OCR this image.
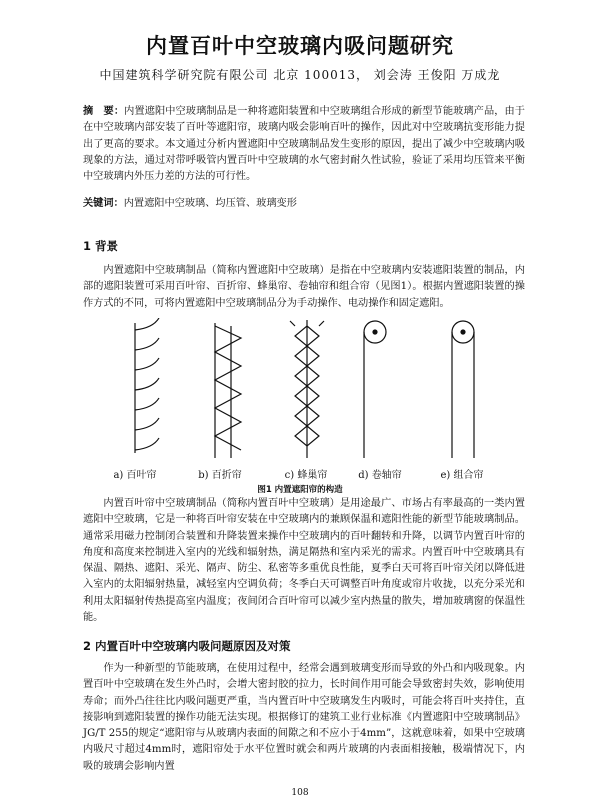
内置百叶中空玻璃内吸问题研究
中国建筑科学研究院有限公司 北京 100013， 刘会涛 王俊阳 万成龙
摘　要：内置遮阳中空玻璃制品是一种将遮阳装置和中空玻璃组合形成的新型节能玻璃产品，由于在中空玻璃内部安装了百叶等遮阳帘，玻璃内吸会影响百叶的操作，因此对中空玻璃抗变形能力提出了更高的要求。本文通过分析内置遮阳中空玻璃制品发生变形的原因，提出了减少中空玻璃内吸现象的方法，通过对带呼吸管内置百叶中空玻璃的水气密封耐久性试验，验证了采用均压管来平衡中空玻璃内外压力差的方法的可行性。
关键词：内置遮阳中空玻璃、均压管、玻璃变形
1 背景
内置遮阳中空玻璃制品（简称内置遮阳中空玻璃）是指在中空玻璃内安装遮阳装置的制品，内部的遮阳装置可采用百叶帘、百折帘、蜂巢帘、卷轴帘和组合帘（见图1）。根据内置遮阳装置的操作方式的不同，可将内置遮阳中空玻璃制品分为手动操作、电动操作和固定遮阳。
a) 百叶帘	b) 百折帘	c) 蜂巢帘	d) 卷轴帘	e) 组合帘
图1 内置遮阳帘的构造
内置百叶帘中空玻璃制品（简称内置百叶中空玻璃）是用途最广、市场占有率最高的一类内置遮阳中空玻璃，它是一种将百叶帘安装在中空玻璃内的兼顾保温和遮阳性能的新型节能玻璃制品。通常采用磁力控制闭合装置和升降装置来操作中空玻璃内的百叶翻转和升降，以调节内置百叶帘的角度和高度来控制进入室内的光线和辐射热，满足隔热和室内采光的需求。内置百叶中空玻璃具有保温、隔热、遮阳、采光、隔声、防尘、私密等多重优良性能，夏季白天可将百叶帘关闭以降低进入室内的太阳辐射热量，减轻室内空调负荷；冬季白天可调整百叶角度或帘片收拢，以充分采光和利用太阳辐射传热提高室内温度；夜间闭合百叶帘可以减少室内热量的散失，增加玻璃窗的保温性能。
2 内置百叶中空玻璃内吸问题原因及对策
作为一种新型的节能玻璃，在使用过程中，经常会遇到玻璃变形而导致的外凸和内吸现象。内置百叶中空玻璃在发生外凸时，会增大密封胶的拉力，长时间作用可能会导致密封失效，影响使用寿命；而外凸往往比内吸问题更严重，当内置百叶中空玻璃发生内吸时，可能会将百叶夹持住，直接影响到遮阳装置的操作功能无法实现。根据修订的建筑工业行业标准《内置遮阳中空玻璃制品》JG/T 255的规定“遮阳帘与从玻璃内表面的间隙之和不应小于4mm”，这就意味着，如果中空玻璃内吸尺寸超过4mm时，遮阳帘处于水平位置时就会和两片玻璃的内表面相接触，极端情况下，内吸的玻璃会影响内置
108
